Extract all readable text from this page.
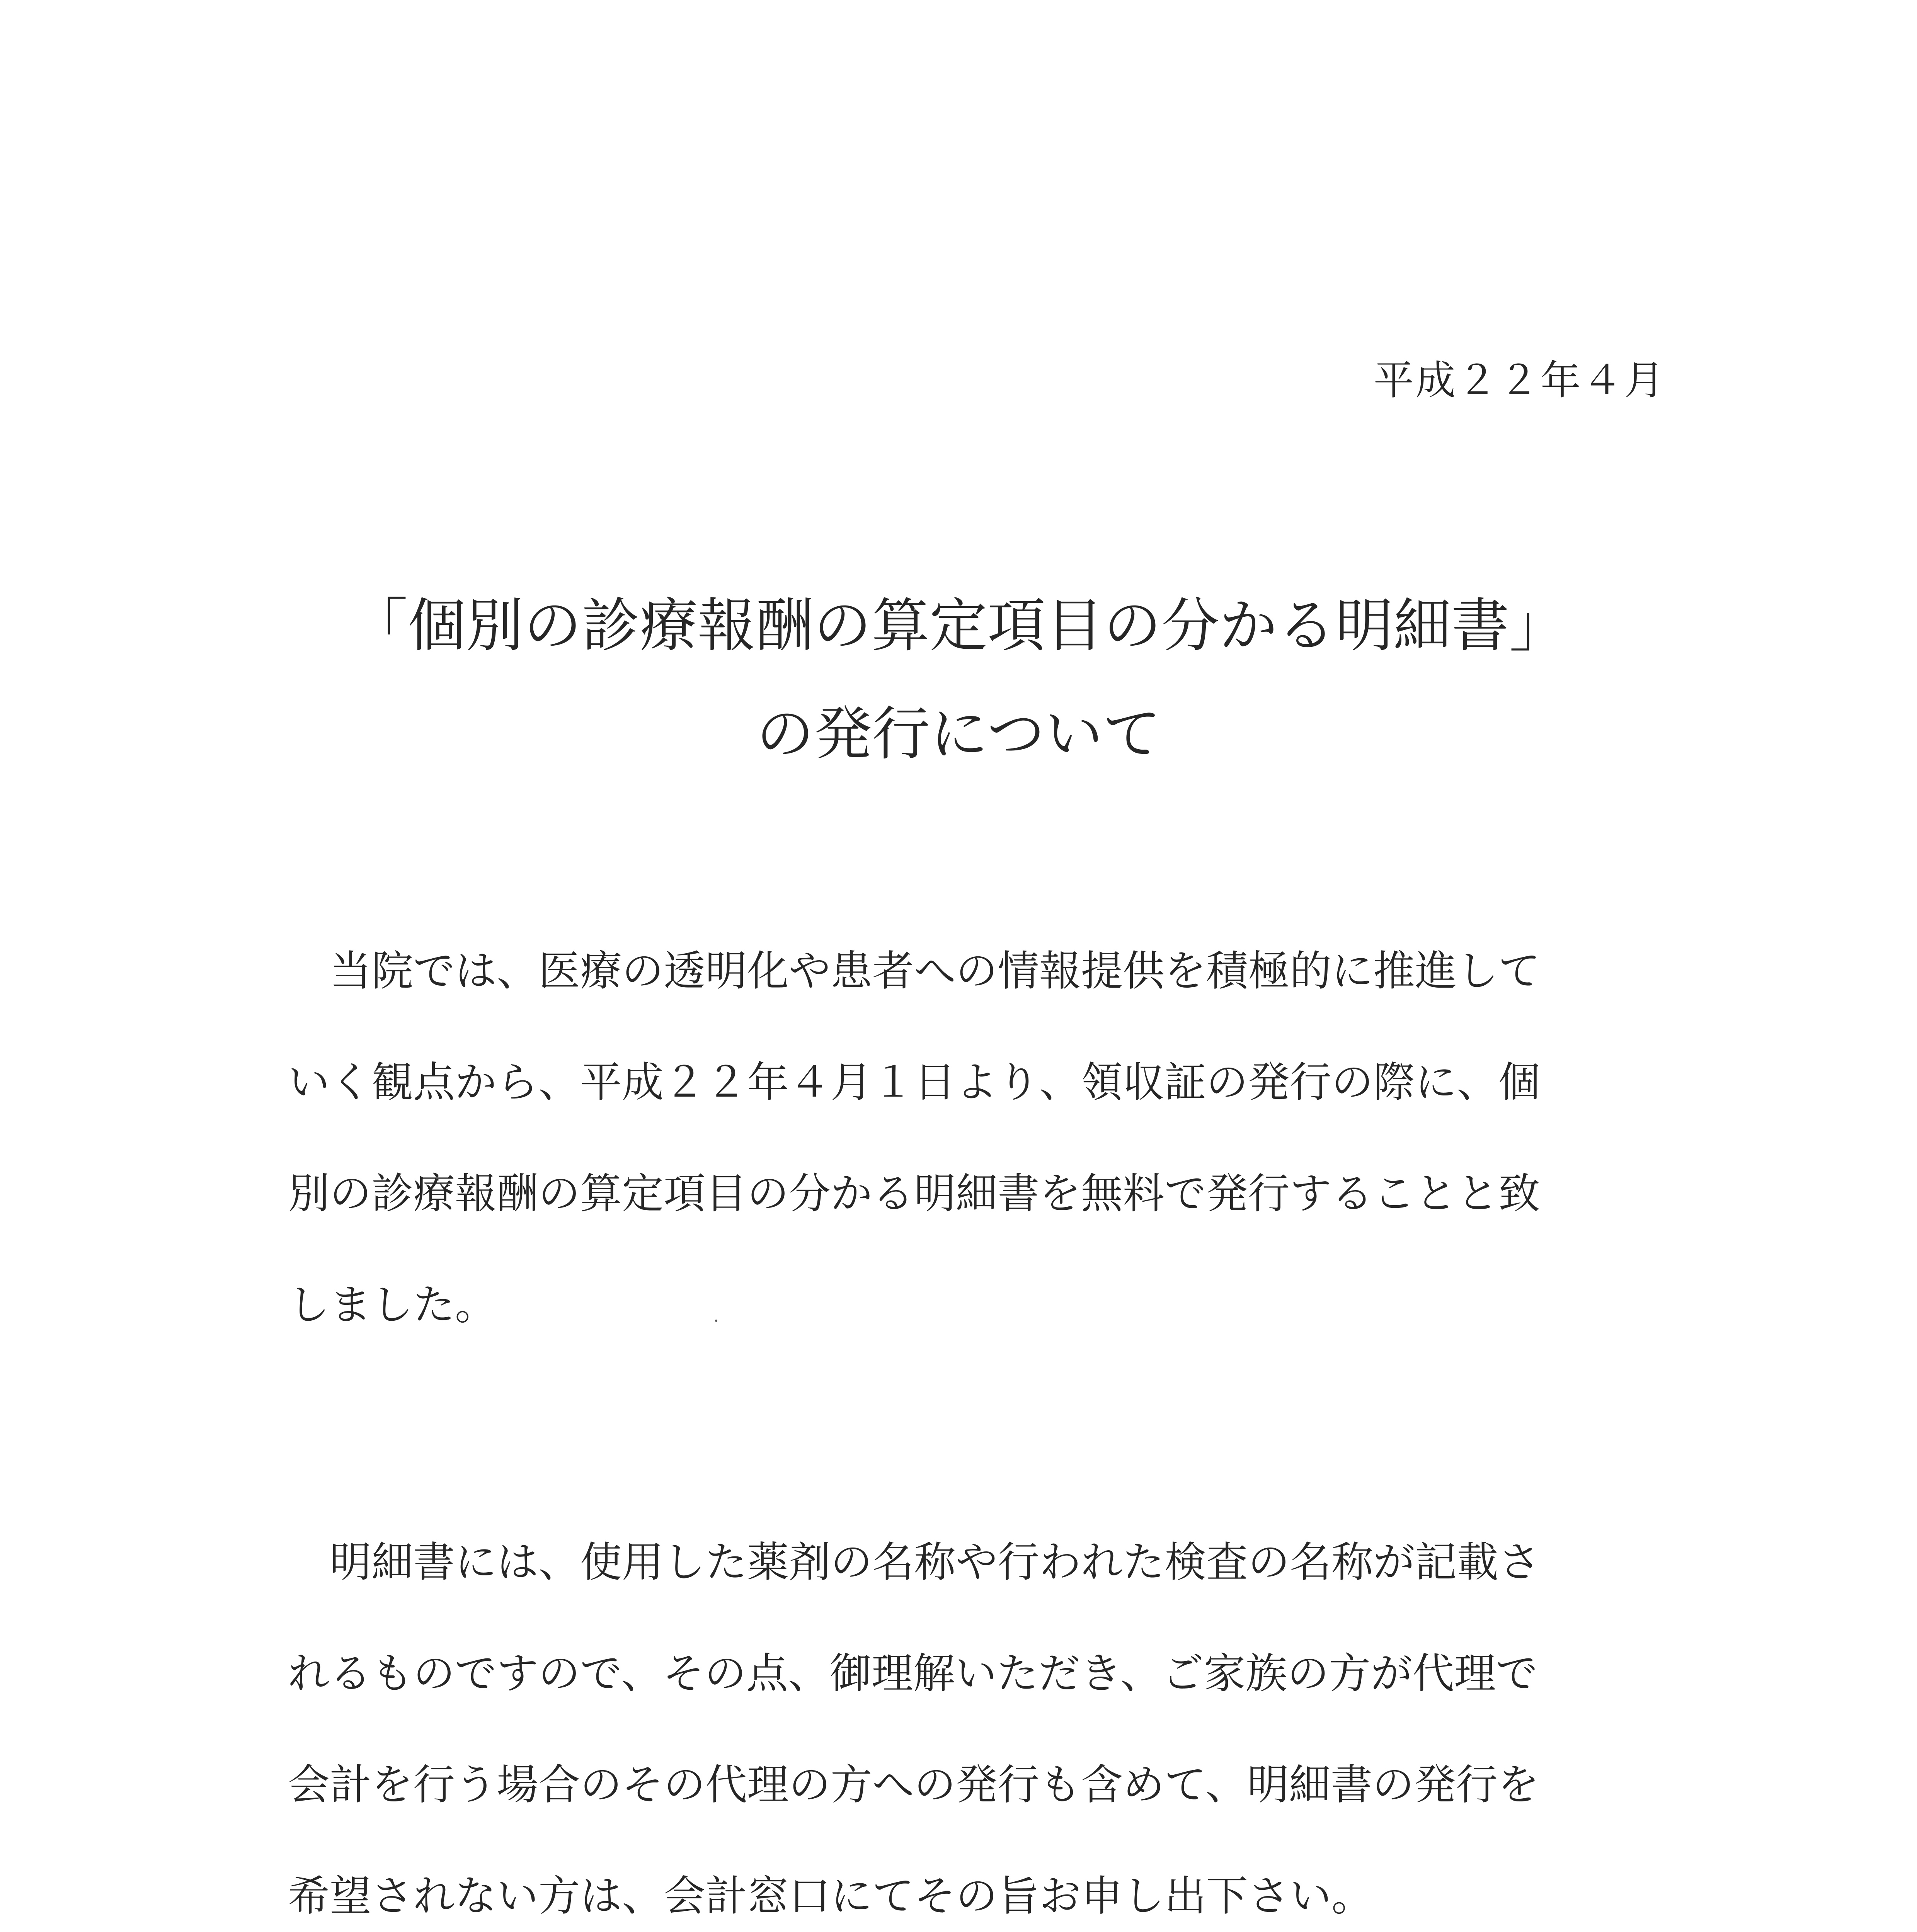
平成２２年４月
「個別の診療報酬の算定項目の分かる明細書」
の発行について
　当院では、医療の透明化や患者への情報提供を積極的に推進して
いく観点から、平成２２年４月１日より、領収証の発行の際に、個
別の診療報酬の算定項目の分かる明細書を無料で発行することと致
しました。
　明細書には、使用した薬剤の名称や行われた検査の名称が記載さ
れるものですので、その点、御理解いただき、ご家族の方が代理で
会計を行う場合のその代理の方への発行も含めて、明細書の発行を
希望されない方は、会計窓口にてその旨お申し出下さい。
